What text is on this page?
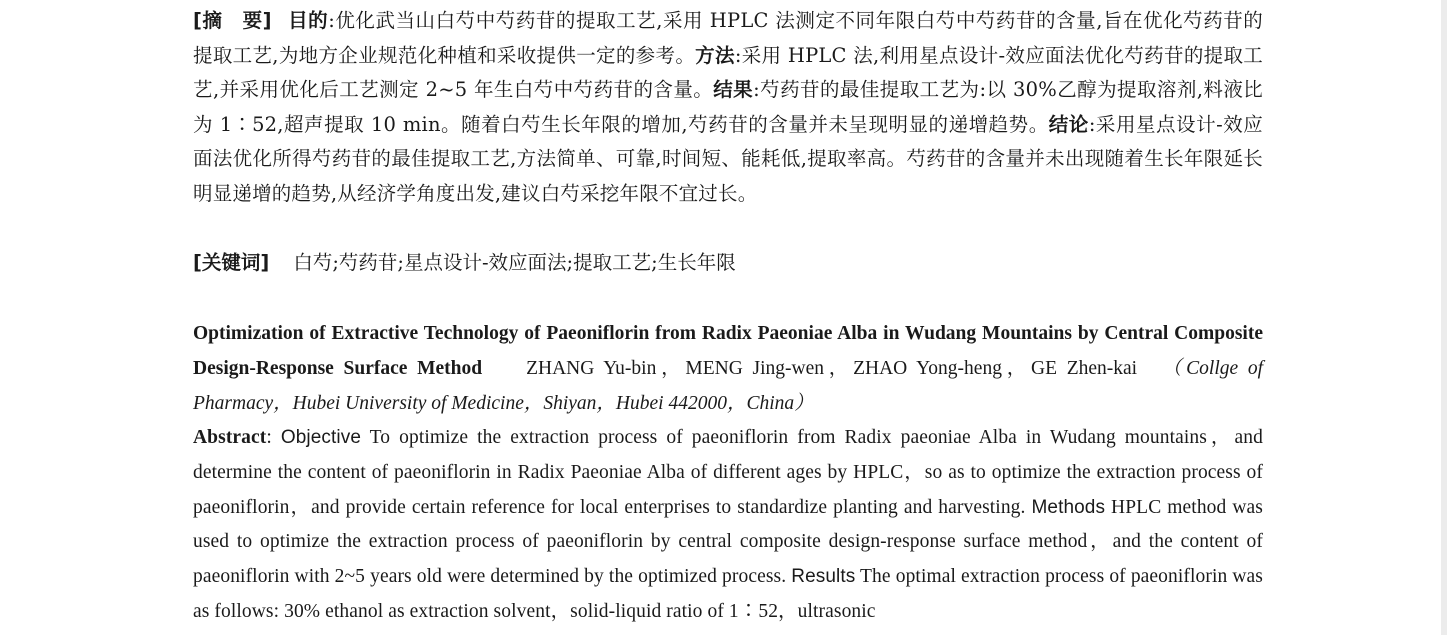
[摘　要] 目的:优化武当山白芍中芍药苷的提取工艺,采用 HPLC 法测定不同年限白芍中芍药苷的含量,旨在优化芍药苷的提取工艺,为地方企业规范化种植和采收提供一定的参考。方法:采用 HPLC 法,利用星点设计-效应面法优化芍药苷的提取工艺,并采用优化后工艺测定 2~5 年生白芍中芍药苷的含量。结果:芍药苷的最佳提取工艺为:以 30%乙醇为提取溶剂,料液比为 1∶52,超声提取 10 min。随着白芍生长年限的增加,芍药苷的含量并未呈现明显的递增趋势。结论:采用星点设计-效应面法优化所得芍药苷的最佳提取工艺,方法简单、可靠,时间短、能耗低,提取率高。芍药苷的含量并未出现随着生长年限延长明显递增的趋势,从经济学角度出发,建议白芍采挖年限不宜过长。
[关键词] 白芍;芍药苷;星点设计-效应面法;提取工艺;生长年限
Optimization of Extractive Technology of Paeoniflorin from Radix Paeoniae Alba in Wudang Mountains by Central Composite Design-Response Surface Method ZHANG Yu-bin，MENG Jing-wen，ZHAO Yong-heng，GE Zhen-kai （Collge of Pharmacy，Hubei University of Medicine，Shiyan，Hubei 442000，China）
Abstract: Objective To optimize the extraction process of paeoniflorin from Radix paeoniae Alba in Wudang mountains，and determine the content of paeoniflorin in Radix Paeoniae Alba of different ages by HPLC，so as to optimize the extraction process of paeoniflorin，and provide certain reference for local enterprises to standardize planting and harvesting. Methods HPLC method was used to optimize the extraction process of paeoniflorin by central composite design-response surface method，and the content of paeoniflorin with 2~5 years old were determined by the optimized process. Results The optimal extraction process of paeoniflorin was as follows: 30% ethanol as extraction solvent，solid-liquid ratio of 1∶52，ultrasonic
